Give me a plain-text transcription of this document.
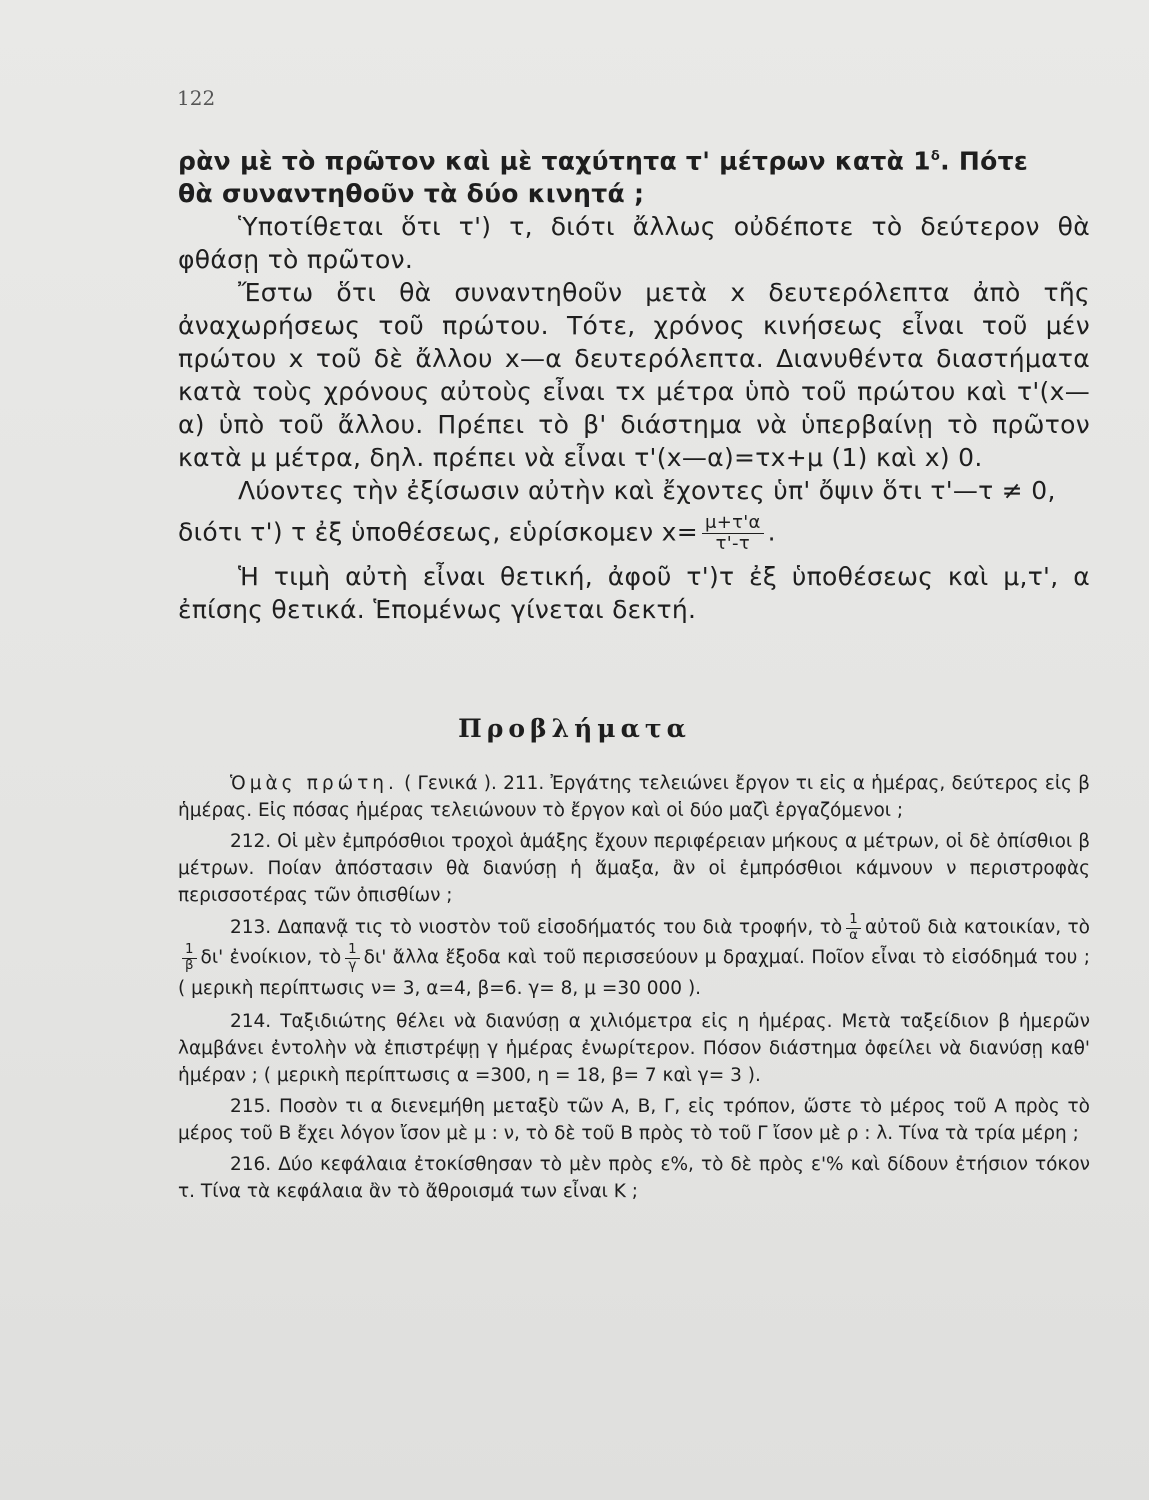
122

ρὰν μὲ τὸ πρῶτον καὶ μὲ ταχύτητα τ' μέτρων κατὰ $1^\delta$. Πότε

θὰ συναντηθοῦν τὰ δύο κινητά ;

Ὑποτίθεται ὅτι τ') τ, διότι ἄλλως οὐδέποτε τὸ δεύτερον θὰ φθάσῃ τὸ πρῶτον.

Ἔστω ὅτι θὰ συναντηθοῦν μετὰ x δευτερόλεπτα ἀπὸ τῆς ἀναχωρήσεως τοῦ πρώτου. Τότε, χρόνος κινήσεως εἶναι τοῦ μέν πρώτου x τοῦ δὲ ἄλλου x—α δευτερόλεπτα. Διανυθέντα διαστήματα κατὰ τοὺς χρόνους αὐτοὺς εἶναι τx μέτρα ὑπὸ τοῦ πρώτου καὶ τ'(x—α) ὑπὸ τοῦ ἄλλου. Πρέπει τὸ β' διάστημα νὰ ὑπερβαίνῃ τὸ πρῶτον κατὰ μ μέτρα, δηλ. πρέπει νὰ εἶναι τ'(x—α)=τx+μ (1) καὶ x) 0.

Λύοντες τὴν ἐξίσωσιν αὐτὴν καὶ ἔχοντες ὑπ' ὄψιν ὅτι τ'—τ ≠ 0,

διότι τ') τ ἐξ ὑποθέσεως, εὑρίσκομεν $x= \frac{\mu+\tau'\alpha}{\tau'-\tau}$ .

Ἡ τιμὴ αὐτὴ εἶναι θετική, ἀφοῦ τ')τ ἐξ ὑποθέσεως καὶ μ,τ', α ἐπίσης θετικά. Ἑπομένως γίνεται δεκτή.

Προβλήματα

Ὁμὰς πρώτη. ( Γενικά ). 211. Ἐργάτης τελειώνει ἔργον τι εἰς α ἡμέρας, δεύτερος εἰς β ἡμέρας. Εἰς πόσας ἡμέρας τελειώνουν τὸ ἔργον καὶ οἱ δύο μαζὶ ἐργαζόμενοι ;

212. Οἱ μὲν ἐμπρόσθιοι τροχοὶ ἁμάξης ἔχουν περιφέρειαν μήκους α μέτρων, οἱ δὲ ὀπίσθιοι β μέτρων. Ποίαν ἀπόστασιν θὰ διανύσῃ ἡ ἅμαξα, ἂν οἱ ἐμπρόσθιοι κάμνουν ν περιστροφὰς περισσοτέρας τῶν ὀπισθίων ;

213. Δαπανᾷ τις τὸ νιοστὸν τοῦ εἰσοδήματός του διὰ τροφήν, τὸ $\frac{1}{\alpha}$ αὐτοῦ διὰ κατοικίαν, τὸ
$\frac{1}{\beta} \delta\iota'$ ἐνοίκιον, τὸ $\frac{1}{\gamma} \delta\iota'$ ἄλλα ἔξοδα καὶ τοῦ περισσεύουν μ δραχμαί. Ποῖον εἶναι τὸ εἰσόδημά του ; ( μερικὴ περίπτωσις ν= 3, α=4, β=6. γ= 8, μ =30 000 ).

214. Ταξιδιώτης θέλει νὰ διανύσῃ α χιλιόμετρα εἰς η ἡμέρας. Μετὰ ταξείδιον β ἡμερῶν λαμβάνει ἐντολὴν νὰ ἐπιστρέψῃ γ ἡμέρας ἐνωρίτερον. Πόσον διάστημα ὀφείλει νὰ διανύσῃ καθ' ἡμέραν ; ( μερικὴ περίπτωσις α =300, η = 18, β= 7 καὶ γ= 3 ).

215. Ποσὸν τι α διενεμήθη μεταξὺ τῶν Α, Β, Γ, εἰς τρόπον, ὥστε τὸ μέρος τοῦ Α πρὸς τὸ μέρος τοῦ Β ἔχει λόγον ἴσον μὲ μ : ν, τὸ δὲ τοῦ Β πρὸς τὸ τοῦ Γ ἴσον μὲ ρ : λ. Τίνα τὰ τρία μέρη ;

216. Δύο κεφάλαια ἐτοκίσθησαν τὸ μὲν πρὸς ε%, τὸ δὲ πρὸς ε'% καὶ δίδουν ἐτήσιον τόκον τ. Τίνα τὰ κεφάλαια ἂν τὸ ἄθροισμά των εἶναι Κ ;
